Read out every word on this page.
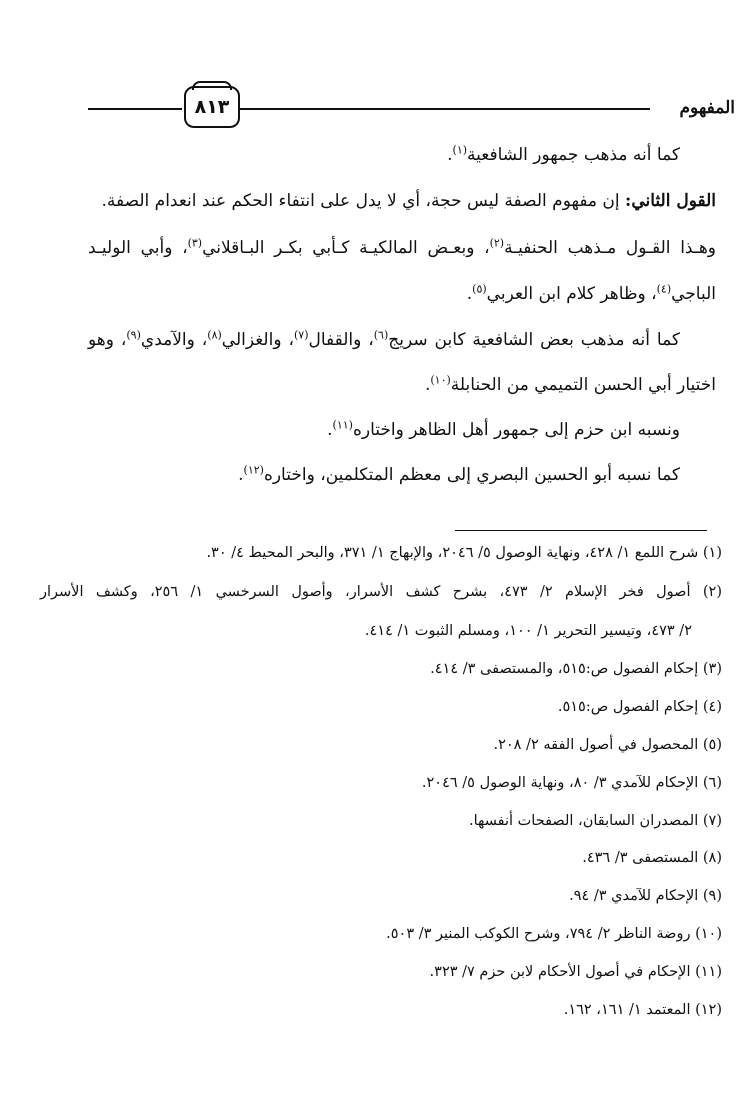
٨١٣	المفهوم
كما أنه مذهب جمهور الشافعية$^{(١)}$.
القول الثاني: إن مفهوم الصفة ليس حجة، أي لا يدل على انتفاء الحكم عند انعدام الصفة.
وهـذا القـول مـذهب الحنفيـة$^{(٢)}$، وبعـض المالكيـة كـأبي بكـر البـاقلاني$^{(٣)}$، وأبي الوليـد
الباجي$^{(٤)}$، وظاهر كلام ابن العربي$^{(٥)}$.
كما أنه مذهب بعض الشافعية كابن سريج$^{(٦)}$، والقفال$^{(٧)}$، والغزالي$^{(٨)}$، والآمدي$^{(٩)}$، وهو
اختيار أبي الحسن التميمي من الحنابلة$^{(١٠)}$.
ونسبه ابن حزم إلى جمهور أهل الظاهر واختاره$^{(١١)}$.
كما نسبه أبو الحسين البصري إلى معظم المتكلمين، واختاره$^{(١٢)}$.
(١) شرح اللمع ١/ ٤٢٨، ونهاية الوصول ٥/ ٢٠٤٦، والإبهاج ١/ ٣٧١، والبحر المحيط ٤/ ٣٠.
(٢) أصول فخر الإسلام ٢/ ٤٧٣، بشرح كشف الأسرار، وأصول السرخسي ١/ ٢٥٦، وكشف الأسرار
٢/ ٤٧٣، وتيسير التحرير ١/ ١٠٠، ومسلم الثبوت ١/ ٤١٤.
(٣) إحكام الفصول ص:٥١٥، والمستصفى ٣/ ٤١٤.
(٤) إحكام الفصول ص:٥١٥.
(٥) المحصول في أصول الفقه ٢/ ٢٠٨.
(٦) الإحكام للآمدي ٣/ ٨٠، ونهاية الوصول ٥/ ٢٠٤٦.
(٧) المصدران السابقان، الصفحات أنفسها.
(٨) المستصفى ٣/ ٤٣٦.
(٩) الإحكام للآمدي ٣/ ٩٤.
(١٠) روضة الناظر ٢/ ٧٩٤، وشرح الكوكب المنير ٣/ ٥٠٣.
(١١) الإحكام في أصول الأحكام لابن حزم ٧/ ٣٢٣.
(١٢) المعتمد ١/ ١٦١، ١٦٢.
